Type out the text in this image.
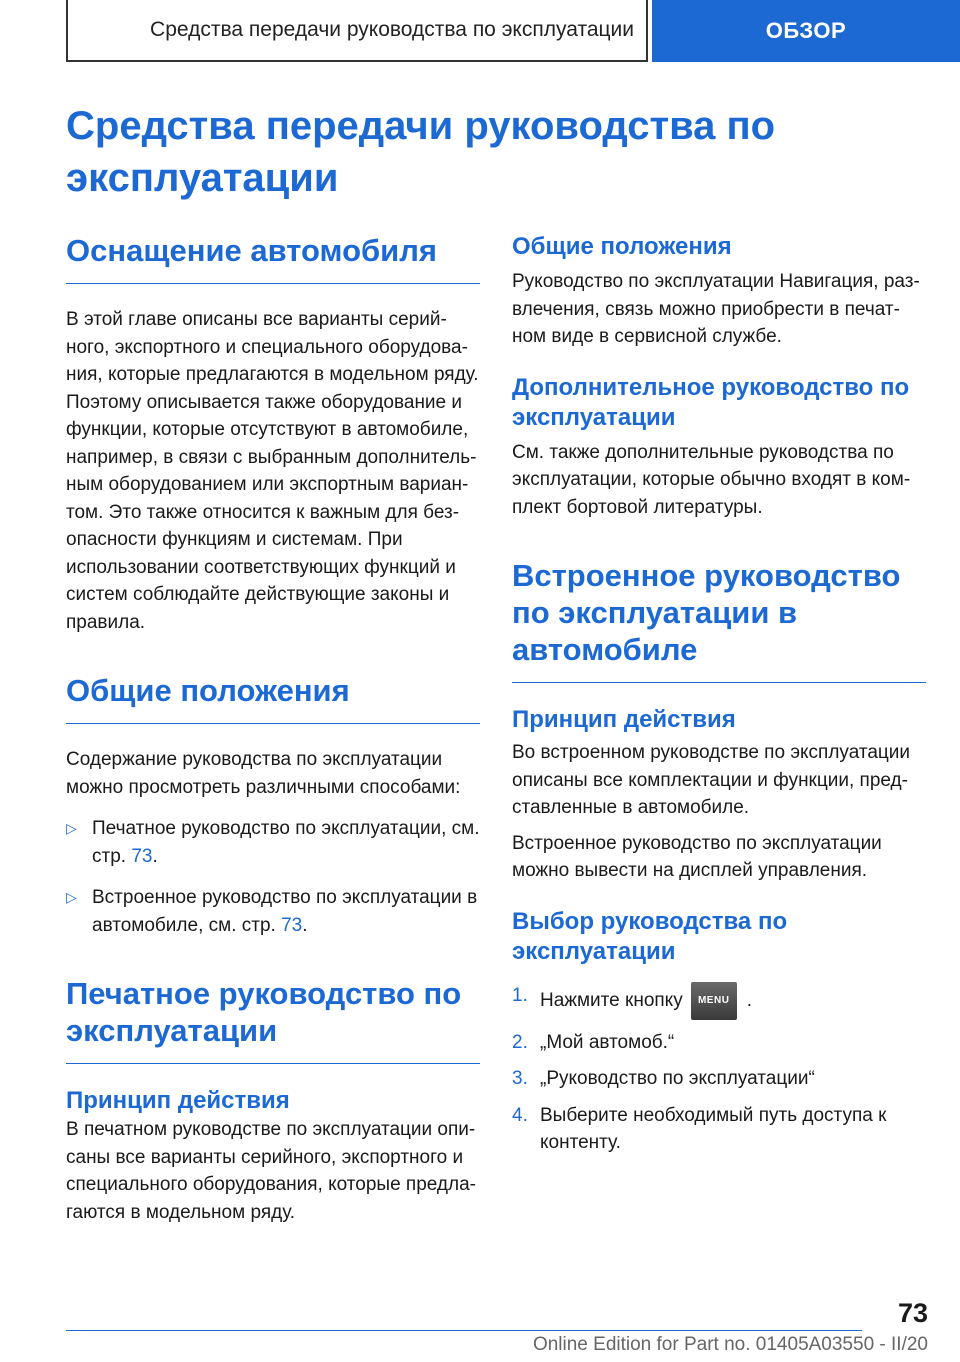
Средства передачи руководства по эксплуатации	ОБЗОР
Средства передачи руководства по эксплуатации
Оснащение автомобиля

В этой главе описаны все варианты серийного, экспортного и специального оборудования, которые предлагаются в модельном ряду. Поэтому описывается также оборудование и функции, которые отсутствуют в автомобиле, например, в связи с выбранным дополнительным оборудованием или экспортным вариантом. Это также относится к важным для безопасности функциям и системам. При использовании соответствующих функций и систем соблюдайте действующие законы и правила.

Общие положения

Содержание руководства по эксплуатации можно просмотреть различными способами:

▷ Печатное руководство по эксплуатации, см. стр. 73.
▷ Встроенное руководство по эксплуатации в автомобиле, см. стр. 73.
Печатное руководство по эксплуатации
Принцип действия

В печатном руководстве по эксплуатации описаны все варианты серийного, экспортного и специального оборудования, которые предлагаются в модельном ряду.

Общие положения

Руководство по эксплуатации Навигация, развлечения, связь можно приобрести в печатном виде в сервисной службе.

Дополнительное руководство по эксплуатации

См. также дополнительные руководства по эксплуатации, которые обычно входят в комплект бортовой литературы.

Встроенное руководство по эксплуатации в автомобиле
Принцип действия

Во встроенном руководстве по эксплуатации описаны все комплектации и функции, представленные в автомобиле.

Встроенное руководство по эксплуатации можно вывести на дисплей управления.

Выбор руководства по эксплуатации
1. Нажмите кнопку MENU .
2. „Мой автомоб.“
3. „Руководство по эксплуатации“
4. Выберите необходимый путь доступа к контенту.
73
Online Edition for Part no. 01405A03550 - II/20
